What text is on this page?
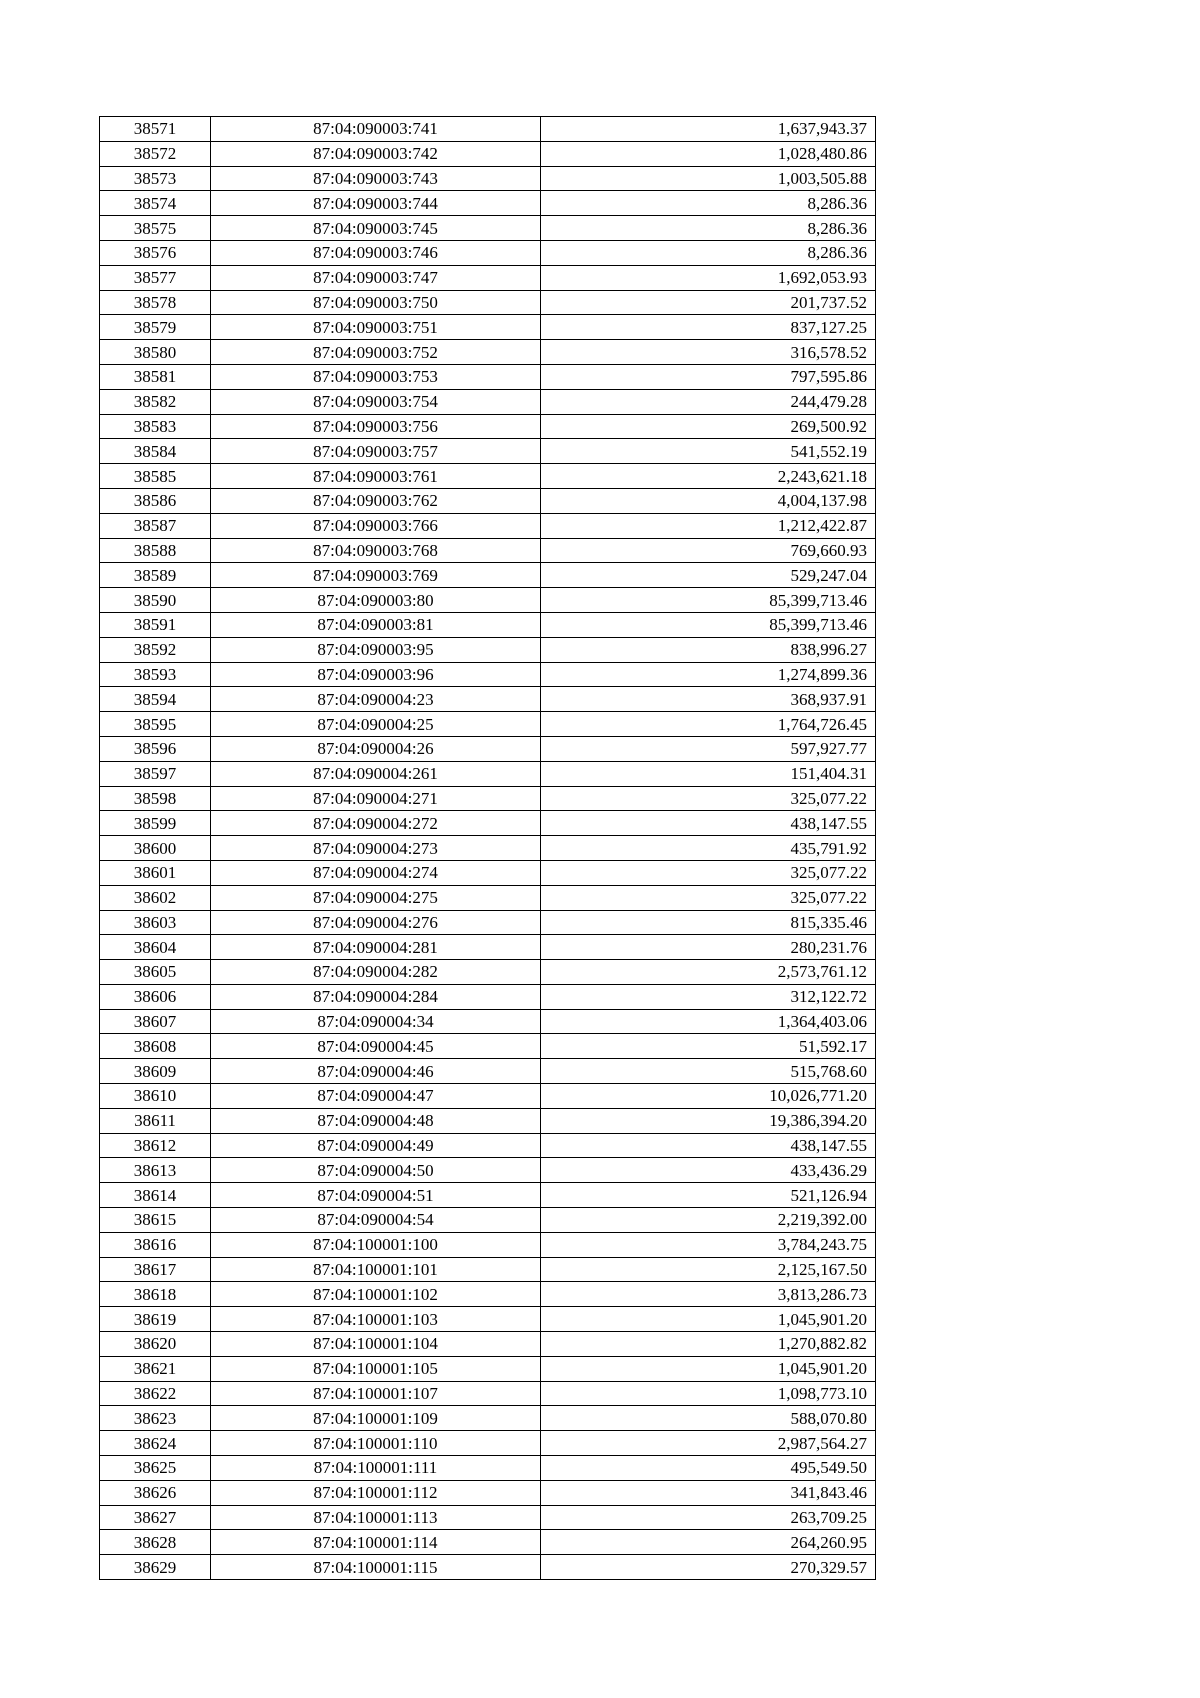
38571	87:04:090003:741	1,637,943.37
38572	87:04:090003:742	1,028,480.86
38573	87:04:090003:743	1,003,505.88
38574	87:04:090003:744	8,286.36
38575	87:04:090003:745	8,286.36
38576	87:04:090003:746	8,286.36
38577	87:04:090003:747	1,692,053.93
38578	87:04:090003:750	201,737.52
38579	87:04:090003:751	837,127.25
38580	87:04:090003:752	316,578.52
38581	87:04:090003:753	797,595.86
38582	87:04:090003:754	244,479.28
38583	87:04:090003:756	269,500.92
38584	87:04:090003:757	541,552.19
38585	87:04:090003:761	2,243,621.18
38586	87:04:090003:762	4,004,137.98
38587	87:04:090003:766	1,212,422.87
38588	87:04:090003:768	769,660.93
38589	87:04:090003:769	529,247.04
38590	87:04:090003:80	85,399,713.46
38591	87:04:090003:81	85,399,713.46
38592	87:04:090003:95	838,996.27
38593	87:04:090003:96	1,274,899.36
38594	87:04:090004:23	368,937.91
38595	87:04:090004:25	1,764,726.45
38596	87:04:090004:26	597,927.77
38597	87:04:090004:261	151,404.31
38598	87:04:090004:271	325,077.22
38599	87:04:090004:272	438,147.55
38600	87:04:090004:273	435,791.92
38601	87:04:090004:274	325,077.22
38602	87:04:090004:275	325,077.22
38603	87:04:090004:276	815,335.46
38604	87:04:090004:281	280,231.76
38605	87:04:090004:282	2,573,761.12
38606	87:04:090004:284	312,122.72
38607	87:04:090004:34	1,364,403.06
38608	87:04:090004:45	51,592.17
38609	87:04:090004:46	515,768.60
38610	87:04:090004:47	10,026,771.20
38611	87:04:090004:48	19,386,394.20
38612	87:04:090004:49	438,147.55
38613	87:04:090004:50	433,436.29
38614	87:04:090004:51	521,126.94
38615	87:04:090004:54	2,219,392.00
38616	87:04:100001:100	3,784,243.75
38617	87:04:100001:101	2,125,167.50
38618	87:04:100001:102	3,813,286.73
38619	87:04:100001:103	1,045,901.20
38620	87:04:100001:104	1,270,882.82
38621	87:04:100001:105	1,045,901.20
38622	87:04:100001:107	1,098,773.10
38623	87:04:100001:109	588,070.80
38624	87:04:100001:110	2,987,564.27
38625	87:04:100001:111	495,549.50
38626	87:04:100001:112	341,843.46
38627	87:04:100001:113	263,709.25
38628	87:04:100001:114	264,260.95
38629	87:04:100001:115	270,329.57
